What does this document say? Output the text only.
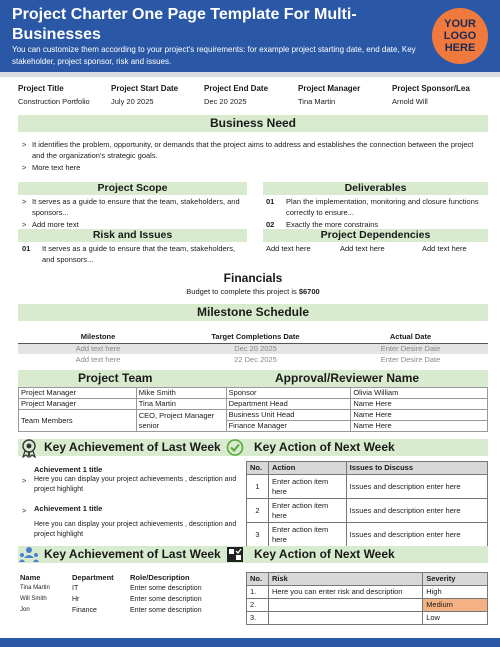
Project Charter One Page Template For Multi-Businesses
You can customize them according to your project's requirements: for example project starting date, end date, Key stakeholder, project sponsor, risk and issues.
YOUR LOGO HERE
Project Title
Construction Portfolio
Project Start Date
July 20 2025
Project End Date
Dec 20 2025
Project Manager
Tina Martin
Project Sponsor/Lea
Arnold Will
Business Need
> It identifies the problem, opportunity, or demands that the project aims to address and establishes the connection between the project and the organization's strategic goals.
> More text here
Project Scope
> It serves as a guide to ensure that the team, stakeholders, and sponsors...
> Add more text
Deliverables
01	Plan the implementation, monitoring and closure functions correctly to ensure...
02	Exactly the more constrains
Risk and Issues
01	It serves as a guide to ensure that the team, stakeholders, and sponsors...
Project Dependencies
Add text here	Add text here	Add text here
Financials
Budget to complete this project is $6700
Milestone Schedule
Milestone	Target Completions Date	Actual Date
Add text here	Dec 20 2025	Enter Desire Date
Add text here	22 Dec 2025	Enter Desire Date
Project Team	Approval/Reviewer Name
Project Manager	Mike Smith	Sponsor	Olivia William
Project Manager	Tina Martin	Department Head	Name Here
Team Members	CEO, Project Manager senior	Business Unit Head	Name Here
		Finance Manager	Name Here
Key Achievement of Last Week	Key Action of Next Week
Achievement 1 title
>	Here you can display your project achievements , description and project highlight
Achievement 1 title
>
Here you can display your project achievements , description and project highlight
No.	Action	Issues to Discuss
1	Enter action item here	Issues and description enter here
2	Enter action item here	Issues and description enter here
3	Enter action item here	Issues and description enter here
Key Achievement of Last Week	Key Action of Next Week
Name	Department	Role/Description
Tina Martin	IT	Enter some description
Will Smith	Hr	Enter some description
Jon	Finance	Enter some description
No.	Risk	Severity
1.	Here you can enter risk and description	High
2.		Medium
3.		Low
